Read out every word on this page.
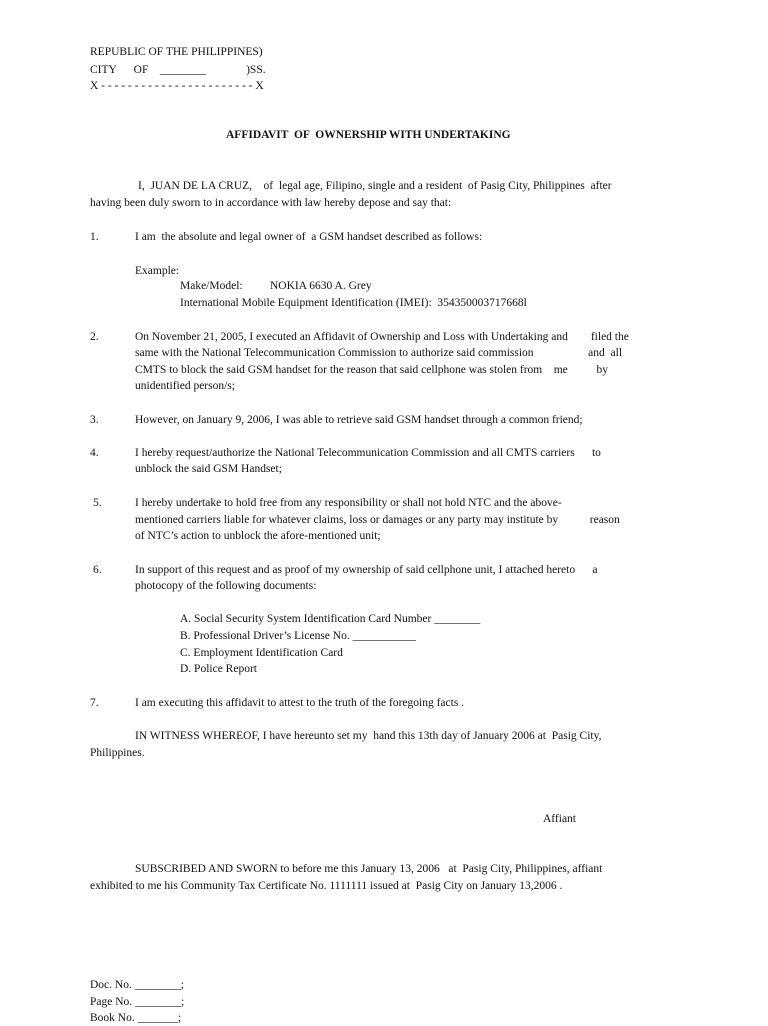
REPUBLIC OF THE PHILIPPINES)
CITY      OF    ________              )SS.
X - - - - - - - - - - - - - - - - - - - - - - - X
AFFIDAVIT  OF  OWNERSHIP WITH UNDERTAKING
I,  JUAN DE LA CRUZ,    of  legal age, Filipino, single and a resident  of Pasig City, Philippines  after
having been duly sworn to in accordance with law hereby depose and say that:
1.	I am  the absolute and legal owner of  a GSM handset described as follows:
Example:
Make/Model: NOKIA 6630 A. Grey
International Mobile Equipment Identification (IMEI):  354350003717668l
2.	On November 21, 2005, I executed an Affidavit of Ownership and Loss with Undertaking and        filed the
same with the National Telecommunication Commission to authorize said commission                   and  all
CMTS to block the said GSM handset for the reason that said cellphone was stolen from    me          by
unidentified person/s;
3.	However, on January 9, 2006, I was able to retrieve said GSM handset through a common friend;
4.	I hereby request/authorize the National Telecommunication Commission and all CMTS carriers      to
unblock the said GSM Handset;
5.	I hereby undertake to hold free from any responsibility or shall not hold NTC and the above-
mentioned carriers liable for whatever claims, loss or damages or any party may institute by           reason
of NTC’s action to unblock the afore-mentioned unit;
6.	In support of this request and as proof of my ownership of said cellphone unit, I attached hereto      a
photocopy of the following documents:
A. Social Security System Identification Card Number ________
B. Professional Driver’s License No. ___________
C. Employment Identification Card
D. Police Report
7.	I am executing this affidavit to attest to the truth of the foregoing facts .
IN WITNESS WHEREOF, I have hereunto set my  hand this 13th day of January 2006 at  Pasig City,
Philippines.
Affiant
SUBSCRIBED AND SWORN to before me this January 13, 2006   at  Pasig City, Philippines, affiant
exhibited to me his Community Tax Certificate No. 1111111 issued at  Pasig City on January 13,2006 .
Doc. No. ________;
Page No. ________;
Book No. _______;
